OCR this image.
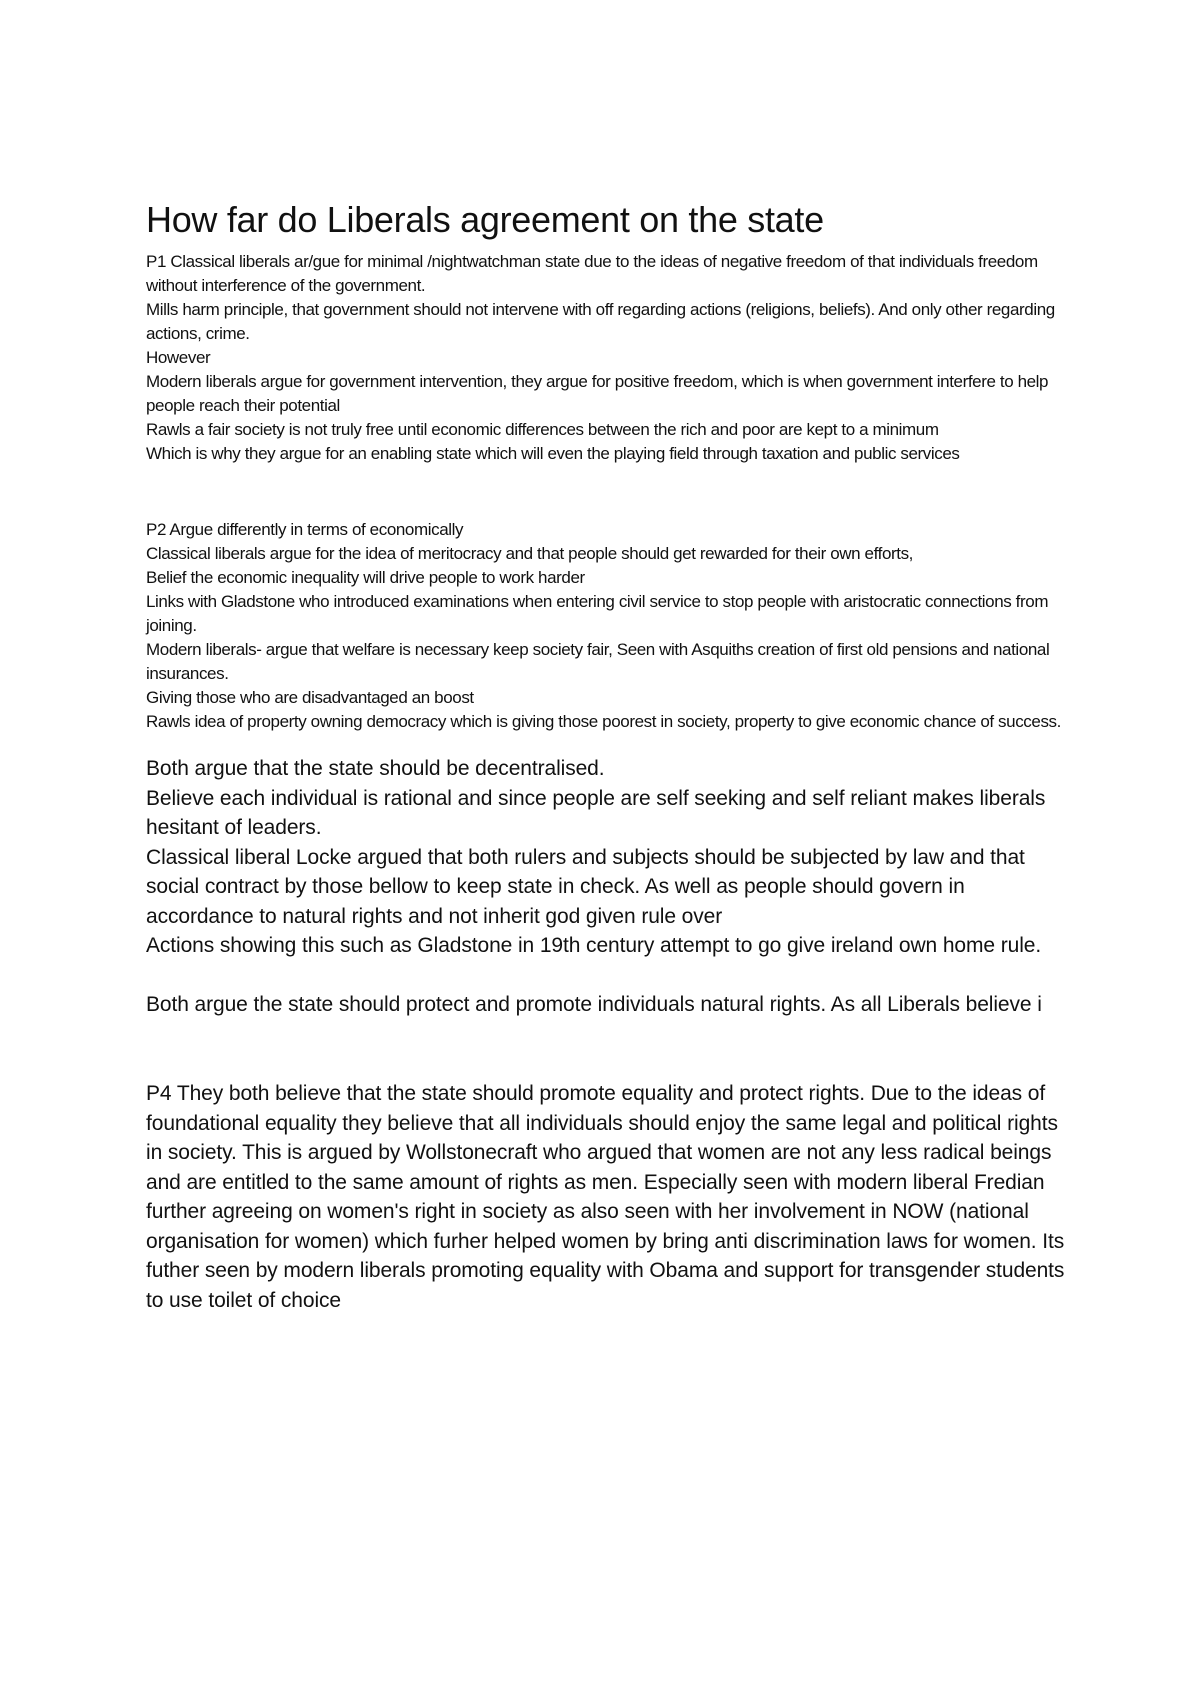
How far do Liberals agreement on the state

P1 Classical liberals ar/gue for minimal /nightwatchman state due to the ideas of negative freedom of that individuals freedom without interference of the government.

Mills harm principle, that government should not intervene with off regarding actions (religions, beliefs). And only other regarding actions, crime.

However

Modern liberals argue for government intervention, they argue for positive freedom, which is when government interfere to help people reach their potential

Rawls a fair society is not truly free until economic differences between the rich and poor are kept to a minimum

Which is why they argue for an enabling state which will even the playing field through taxation and public services

P2 Argue differently in terms of economically

Classical liberals argue for the idea of meritocracy and that people should get rewarded for their own efforts,

Belief the economic inequality will drive people to work harder

Links with Gladstone who introduced examinations when entering civil service to stop people with aristocratic connections from joining.

Modern liberals- argue that welfare is necessary keep society fair, Seen with Asquiths creation of first old pensions and national insurances.

Giving those who are disadvantaged an boost

Rawls idea of property owning democracy which is giving those poorest in society, property to give economic chance of success.

Both argue that the state should be decentralised.

Believe each individual is rational and since people are self seeking and self reliant makes liberals hesitant of leaders.

Classical liberal Locke argued that both rulers and subjects should be subjected by law and that social contract by those bellow to keep state in check. As well as people should govern in accordance to natural rights and not inherit god given rule over

Actions showing this such as Gladstone in 19th century attempt to go give ireland own home rule.

Both argue the state should protect and promote individuals natural rights. As all Liberals believe i

P4 They both believe that the state should promote equality and protect rights. Due to the ideas of foundational equality they believe that all individuals should enjoy the same legal and political rights in society. This is argued by Wollstonecraft who argued that women are not any less radical beings and are entitled to the same amount of rights as men. Especially seen with modern liberal Fredian further agreeing on women's right in society as also seen with her involvement in NOW (national organisation for women) which furher helped women by bring anti discrimination laws for women. Its futher seen by modern liberals promoting equality with Obama and support for transgender students to use toilet of choice
